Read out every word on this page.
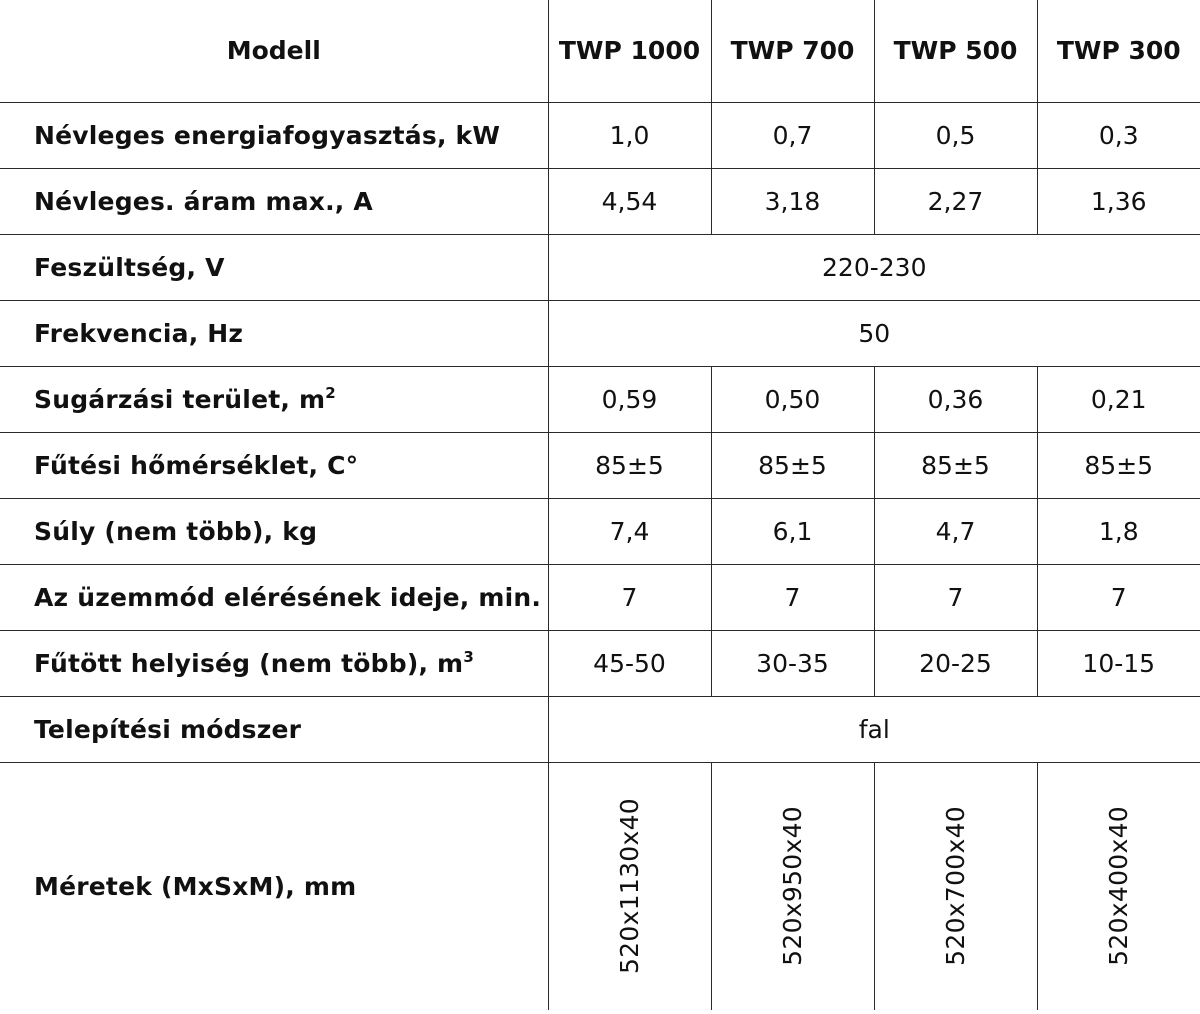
Modell	TWP 1000	TWP 700	TWP 500	TWP 300
Névleges energiafogyasztás, kW	1,0	0,7	0,5	0,3
Névleges. áram max., A	4,54	3,18	2,27	1,36
Feszültség, V	220-230			
Frekvencia, Hz	50			
Sugárzási terület, $m^2$	0,59	0,50	0,36	0,21
Fűtési hőmérséklet, C°	85±5	85±5	85±5	85±5
Súly (nem több), kg	7,4	6,1	4,7	1,8
Az üzemmód elérésének ideje, min.	7	7	7	7
Fűtött helyiség (nem több), $m^3$	45-50	30-35	20-25	10-15
Telepítési módszer	fal			
Méretek (MxSxM), mm	520x1130x40	520x950x40	520x700x40	520x400x40
